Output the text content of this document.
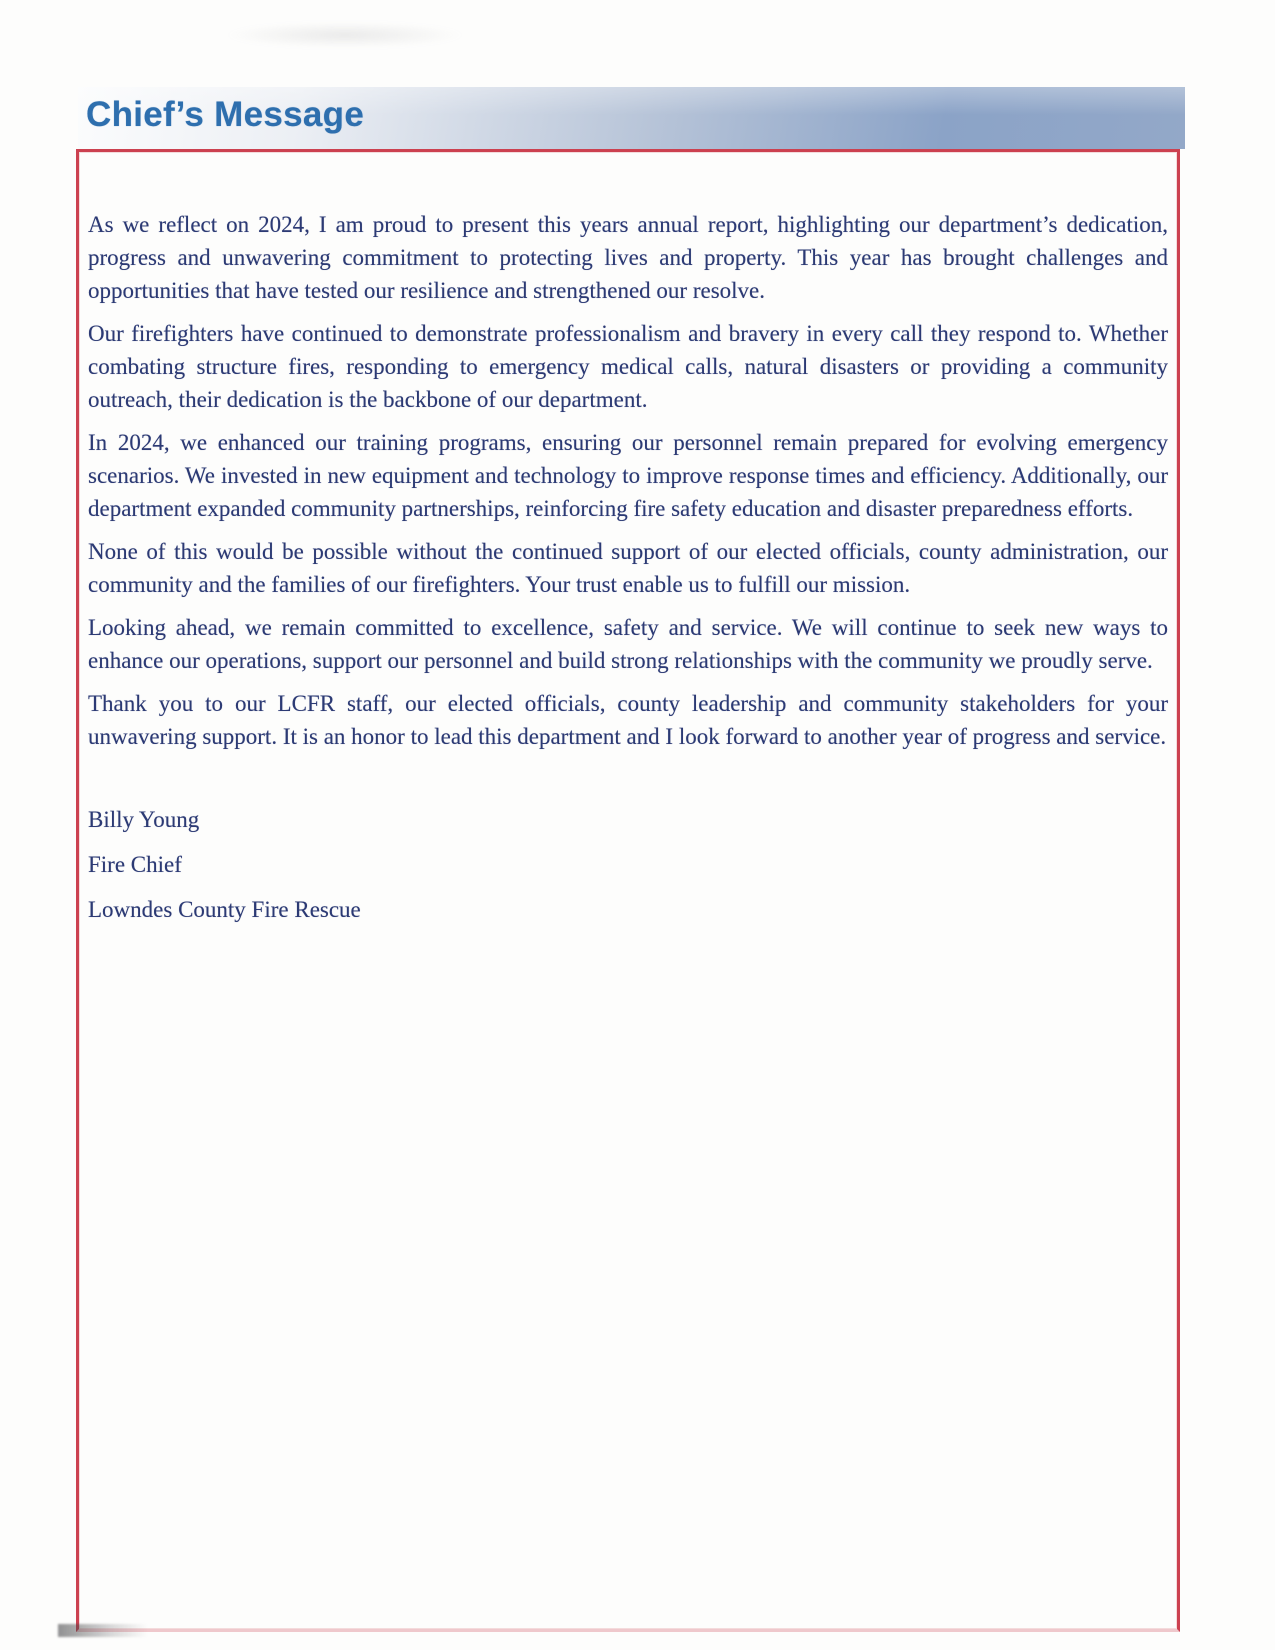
Chief’s Message

As we reflect on 2024, I am proud to present this years annual report, highlighting our department’s dedication, progress and unwavering commitment to protecting lives and property. This year has brought challenges and opportunities that have tested our resilience and strengthened our resolve.

Our firefighters have continued to demonstrate professionalism and bravery in every call they respond to. Whether combating structure fires, responding to emergency medical calls, natural disasters or providing a community outreach, their dedication is the backbone of our department.

In 2024, we enhanced our training programs, ensuring our personnel remain prepared for evolving emergency scenarios. We invested in new equipment and technology to improve response times and efficiency. Additionally, our department expanded community partnerships, reinforcing fire safety education and disaster preparedness efforts.

None of this would be possible without the continued support of our elected officials, county administration, our community and the families of our firefighters. Your trust enable us to fulfill our mission.

Looking ahead, we remain committed to excellence, safety and service. We will continue to seek new ways to enhance our operations, support our personnel and build strong relationships with the community we proudly serve.

Thank you to our LCFR staff, our elected officials, county leadership and community stakeholders for your unwavering support. It is an honor to lead this department and I look forward to another year of progress and service.

Billy Young

Fire Chief

Lowndes County Fire Rescue
